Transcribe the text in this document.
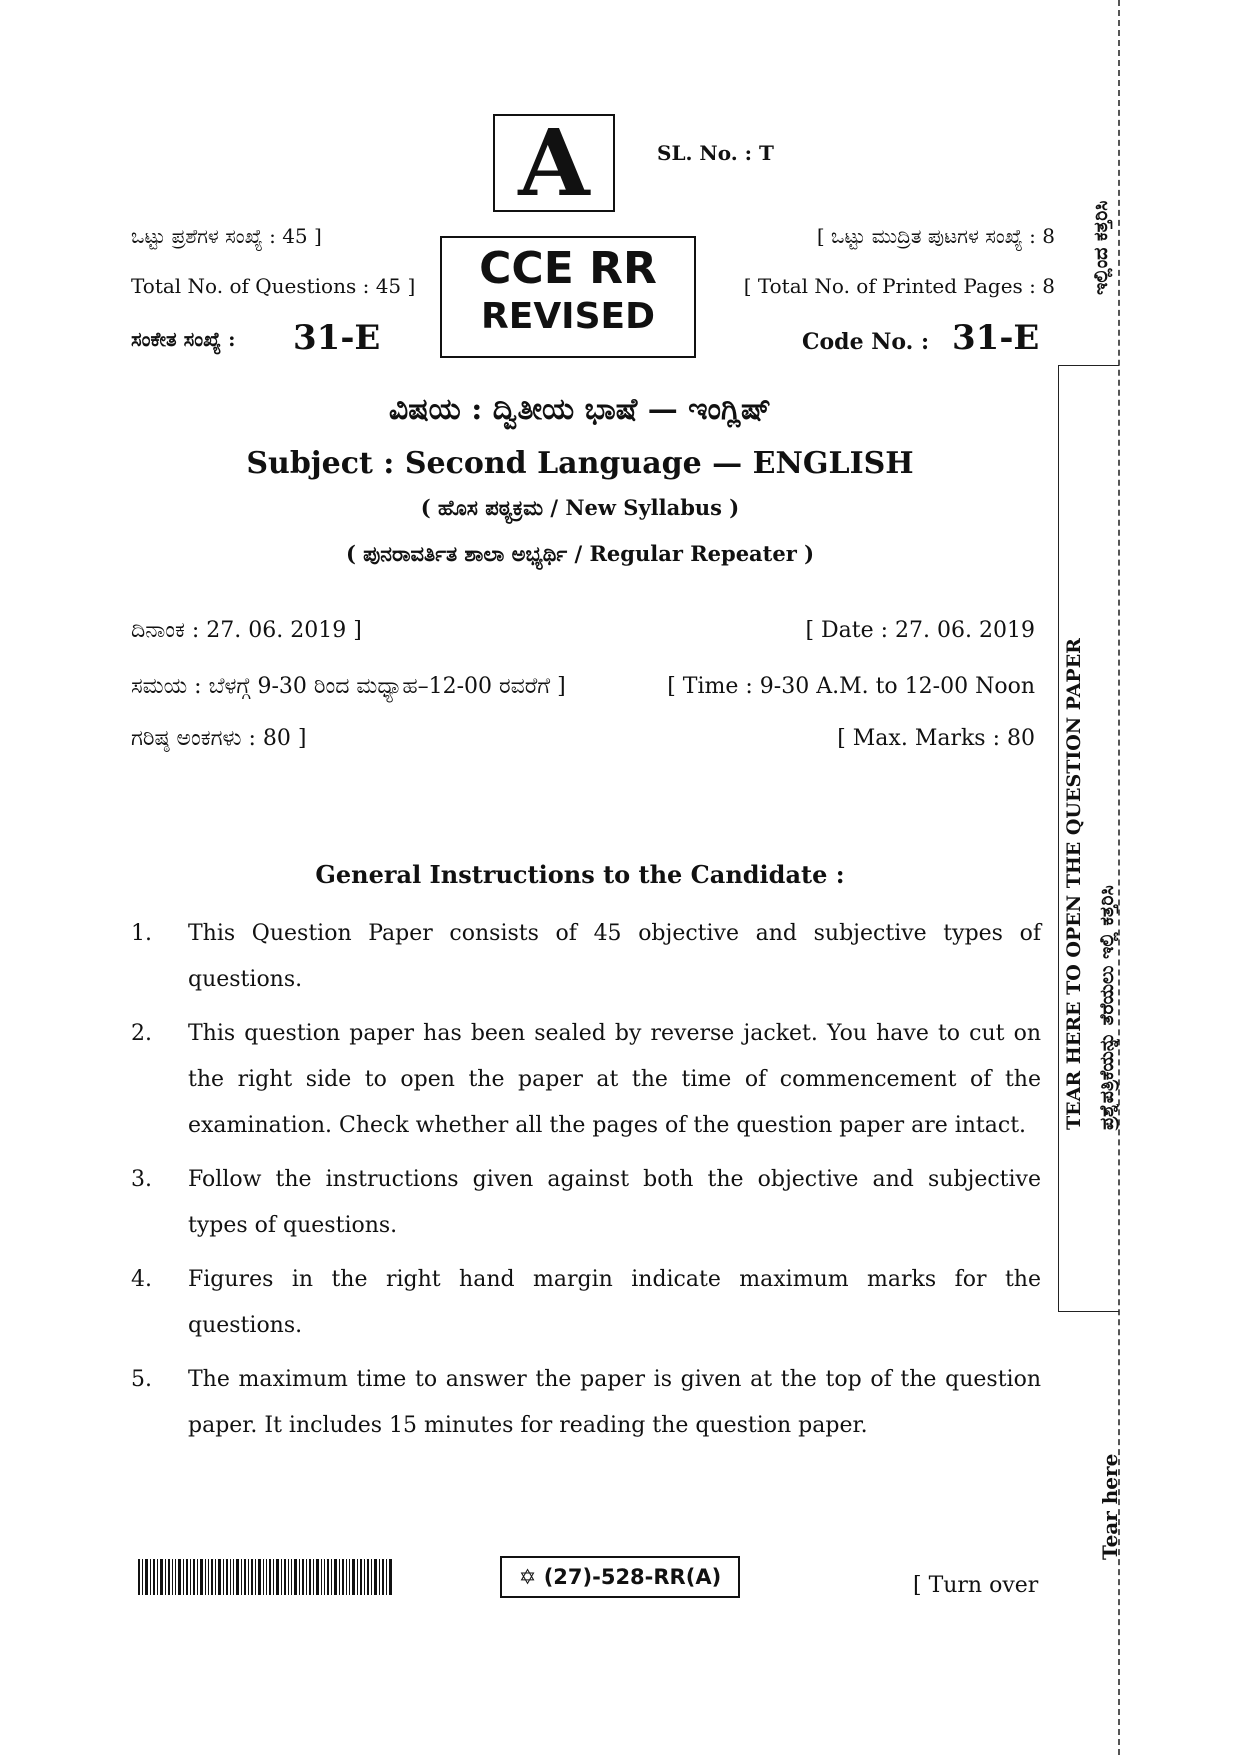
A	SL. No. : T
ಒಟ್ಟು ಪ್ರಶೆಗಳ ಸಂಖ್ಯೆ : 45 ]
Total No. of Questions : 45 ]
ಸಂಕೇತ ಸಂಖ್ಯೆ : 31-E
CCE RR
REVISED
[ ಒಟ್ಟು ಮುದ್ರಿತ ಪುಟಗಳ ಸಂಖ್ಯೆ : 8
[ Total No. of Printed Pages : 8
Code No. : 31-E
ವಿಷಯ : ದ್ವಿತೀಯ ಭಾಷೆ — ಇಂಗ್ಲಿಷ್
Subject : Second Language — ENGLISH
( ಹೊಸ ಪಠ್ಯಕ್ರಮ / New Syllabus )
( ಪುನರಾವರ್ತಿತ ಶಾಲಾ ಅಭ್ಯರ್ಥಿ / Regular Repeater )
ದಿನಾಂಕ : 27. 06. 2019 ]	[ Date : 27. 06. 2019
ಸಮಯ : ಬೆಳಗ್ಗೆ 9-30 ರಿಂದ ಮಧ್ಯಾಹ–12-00 ರವರೆಗೆ ]	[ Time : 9-30 A.M. to 12-00 Noon
ಗರಿಷ್ಠ ಅಂಕಗಳು : 80 ]	[ Max. Marks : 80
General Instructions to the Candidate :
1.	This Question Paper consists of 45 objective and subjective types of questions.
2.	This question paper has been sealed by reverse jacket. You have to cut on the right side to open the paper at the time of commencement of the examination. Check whether all the pages of the question paper are intact.
3.	Follow the instructions given against both the objective and subjective types of questions.
4.	Figures in the right hand margin indicate maximum marks for the questions.
5.	The maximum time to answer the paper is given at the top of the question paper. It includes 15 minutes for reading the question paper.
✡ (27)-528-RR(A)	[ Turn over
TEAR HERE TO OPEN THE QUESTION PAPER ಪ್ರಶ್ನೆಪತ್ರಿಕೆಯನ್ನು ತೆರೆಯಲು ಇಲ್ಲಿ ಕತ್ತರಿಸಿ
ಇಲ್ಲಿಂದ ಕತ್ತರಿಸಿ
Tear here
